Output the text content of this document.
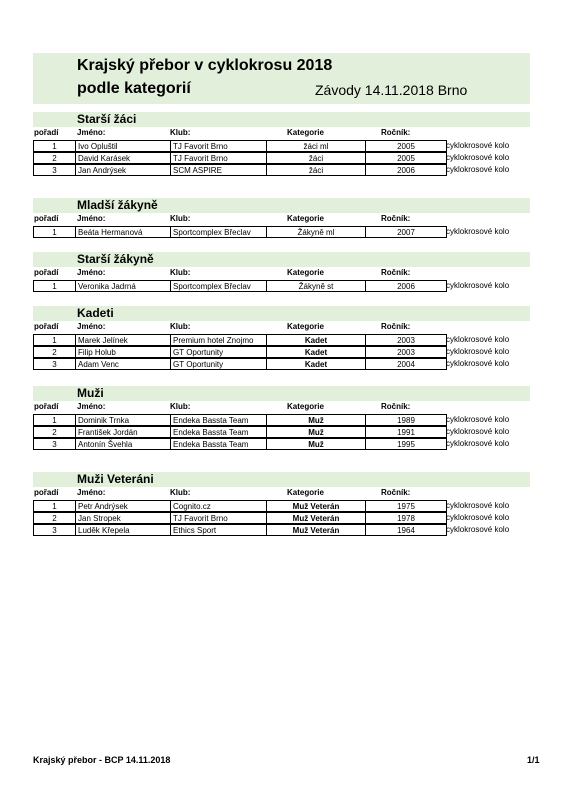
Krajský přebor v cyklokrosu 2018
podle kategorií	Závody 14.11.2018 Brno
Starší žáci
pořadí Jméno:	Klub:	Kategorie	Ročník:
1	Ivo Opluštil	TJ Favorit Brno	žáci ml	2005	cyklokrosové kolo
2	David Karásek	TJ Favorit Brno	žáci	2005	cyklokrosové kolo
3	Jan Andrýsek	SCM ASPIRE	žáci	2006	cyklokrosové kolo
Mladší žákyně
pořadí Jméno:	Klub:	Kategorie	Ročník:
1	Beáta Hermanová	Sportcomplex Břeclav	Žákyně ml	2007	cyklokrosové kolo
Starší žákyně
pořadí Jméno:	Klub:	Kategorie	Ročník:
1	Veronika Jadrná	Sportcomplex Břeclav	Žákyně st	2006	cyklokrosové kolo
Kadeti
pořadí Jméno:	Klub:	Kategorie	Ročník:
1	Marek Jelínek	Premium hotel Znojmo	Kadet	2003	cyklokrosové kolo
2	Filip Holub	GT Oportunity	Kadet	2003	cyklokrosové kolo
3	Adam Venc	GT Oportunity	Kadet	2004	cyklokrosové kolo
Muži
pořadí Jméno:	Klub:	Kategorie	Ročník:
1	Dominik Trnka	Endeka Bassta Team	Muž	1989	cyklokrosové kolo
2	František Jordán	Endeka Bassta Team	Muž	1991	cyklokrosové kolo
3	Antonín Švehla	Endeka Bassta Team	Muž	1995	cyklokrosové kolo
Muži Veteráni
pořadí Jméno:	Klub:	Kategorie	Ročník:
1	Petr Andrýsek	Cognito.cz	Muž Veterán	1975	cyklokrosové kolo
2	Jan Stropek	TJ Favorit Brno	Muž Veterán	1978	cyklokrosové kolo
3	Luděk Křepela	Ethics Sport	Muž Veterán	1964	cyklokrosové kolo
Krajský přebor - BCP 14.11.2018	1/1
